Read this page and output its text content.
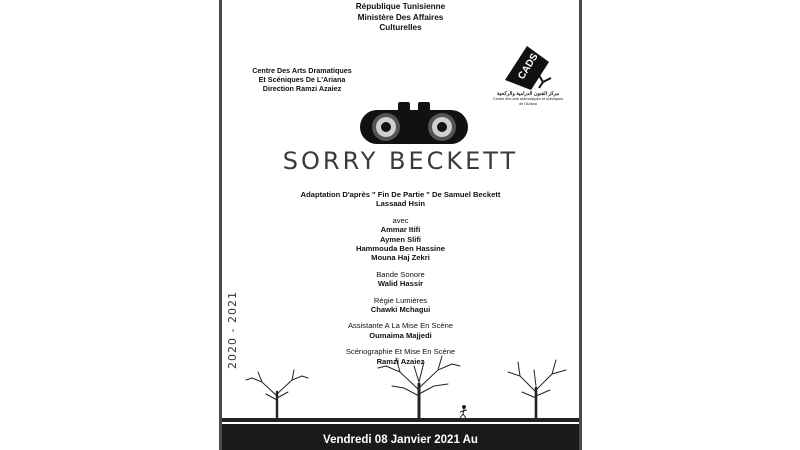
République Tunisienne
Ministère Des Affaires
Culturelles
Centre Des Arts Dramatiques
Et Scéniques De L'Ariana
Direction Ramzi Azaiez
CADS
مركز الفنون الدرامية والركحية
Centre des arts dramatiques et scéniques de l'Ariana
SORRY BECKETT
Adaptation D'après " Fin De Partie " De Samuel Beckett
Lassaad Hsin
avec
Ammar Itifi
Aymen Slifi
Hammouda Ben Hassine
Mouna Haj Zekri
Bande Sonore
Walid Hassir
Régie Lumières
Chawki Mchagui
Assistante A La Mise En Scène
Oumaima Majjedi
Scénographie Et Mise En Scène
Ramzi Azaiez
2020 - 2021
Vendredi 08 Janvier 2021 Au
